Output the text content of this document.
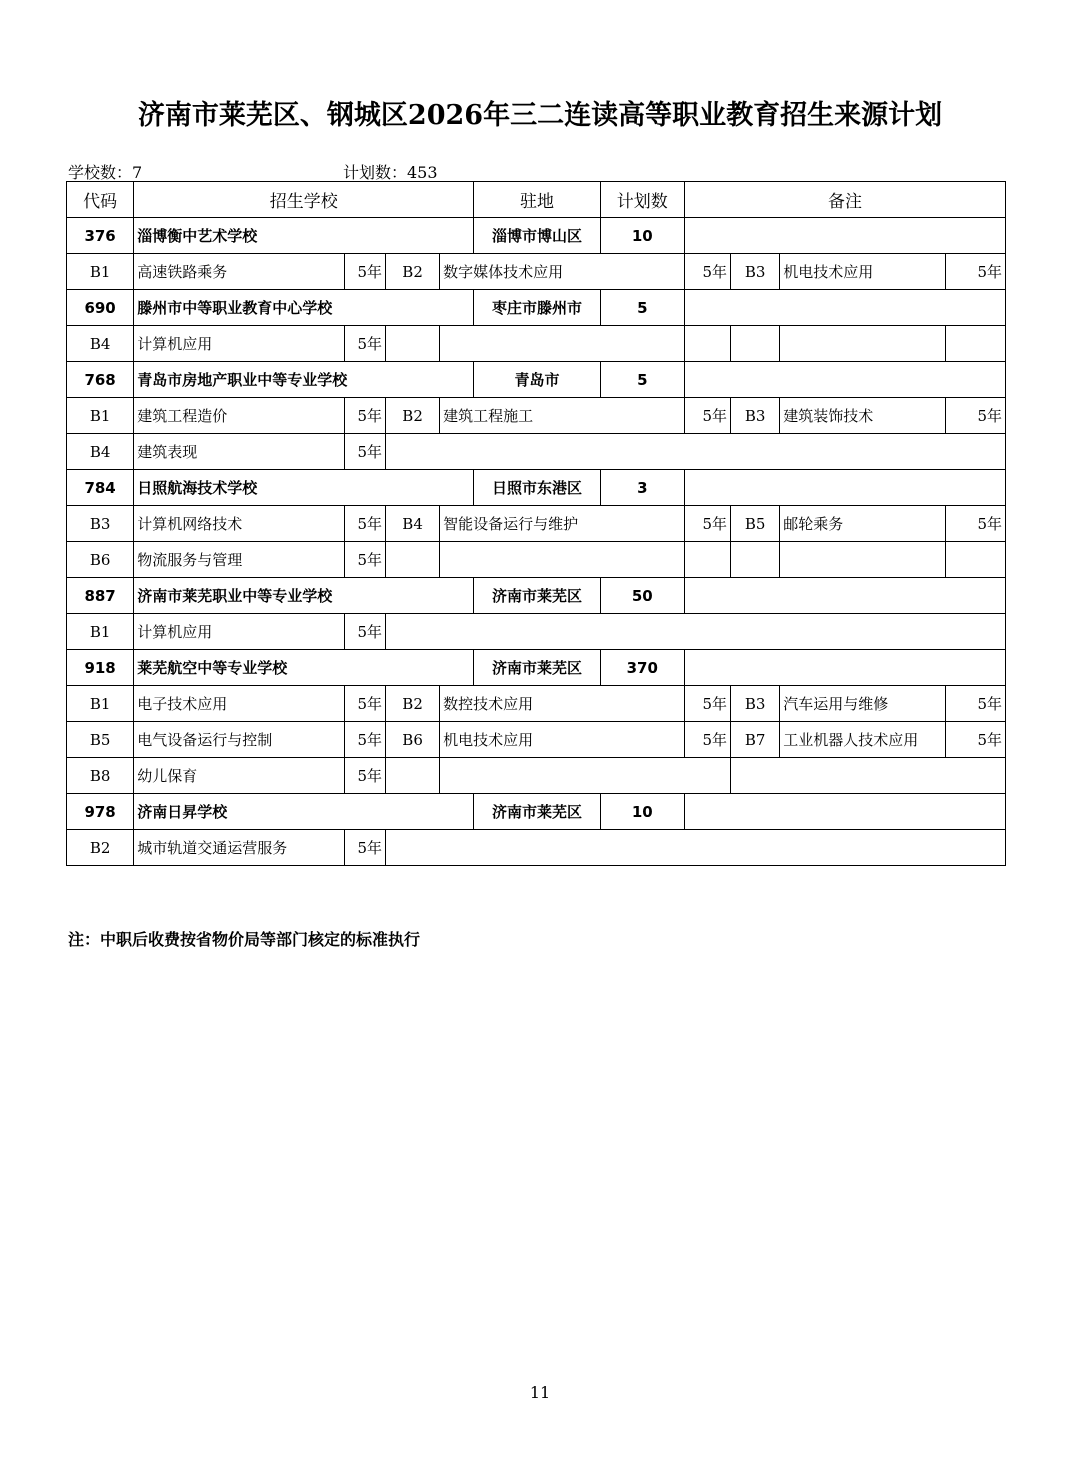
济南市莱芜区、钢城区2026年三二连读高等职业教育招生来源计划
学校数：7	计划数：453
代码	招生学校				驻地	计划数	备注			
376	淄博衡中艺术学校				淄博市博山区	10				
B1	高速铁路乘务	5年	B2	数字媒体技术应用			5年	B3	机电技术应用	5年
690	滕州市中等职业教育中心学校				枣庄市滕州市	5				
B4	计算机应用	5年								
768	青岛市房地产职业中等专业学校				青岛市	5				
B1	建筑工程造价	5年	B2	建筑工程施工			5年	B3	建筑装饰技术	5年
B4	建筑表现	5年								
784	日照航海技术学校				日照市东港区	3				
B3	计算机网络技术	5年	B4	智能设备运行与维护			5年	B5	邮轮乘务	5年
B6	物流服务与管理	5年								
887	济南市莱芜职业中等专业学校				济南市莱芜区	50				
B1	计算机应用	5年								
918	莱芜航空中等专业学校				济南市莱芜区	370				
B1	电子技术应用	5年	B2	数控技术应用			5年	B3	汽车运用与维修	5年
B5	电气设备运行与控制	5年	B6	机电技术应用			5年	B7	工业机器人技术应用	5年
B8	幼儿保育	5年								
978	济南日昇学校				济南市莱芜区	10				
B2	城市轨道交通运营服务	5年								
注：中职后收费按省物价局等部门核定的标准执行
11
